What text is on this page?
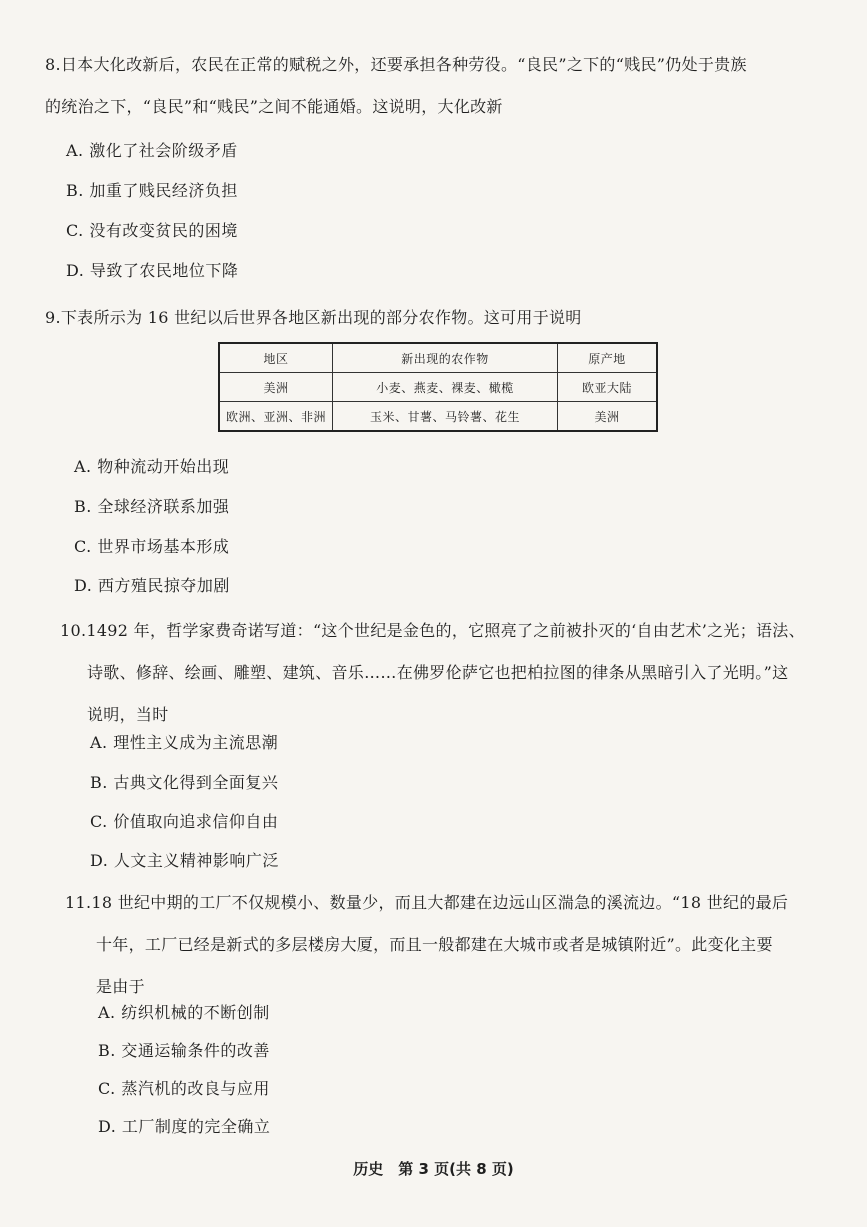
8.日本大化改新后，农民在正常的赋税之外，还要承担各种劳役。“良民”之下的“贱民”仍处于贵族

的统治之下，“良民”和“贱民”之间不能通婚。这说明，大化改新

A. 激化了社会阶级矛盾
B. 加重了贱民经济负担
C. 没有改变贫民的困境
D. 导致了农民地位下降

9.下表所示为 16 世纪以后世界各地区新出现的部分农作物。这可用于说明

地区	新出现的农作物	原产地
美洲	小麦、燕麦、裸麦、橄榄	欧亚大陆
欧洲、亚洲、非洲	玉米、甘薯、马铃薯、花生	美洲
A. 物种流动开始出现
B. 全球经济联系加强
C. 世界市场基本形成
D. 西方殖民掠夺加剧

10.1492 年，哲学家费奇诺写道：“这个世纪是金色的，它照亮了之前被扑灭的‘自由艺术’之光；语法、

诗歌、修辞、绘画、雕塑、建筑、音乐……在佛罗伦萨它也把柏拉图的律条从黑暗引入了光明。”这

说明，当时

A. 理性主义成为主流思潮
B. 古典文化得到全面复兴
C. 价值取向追求信仰自由
D. 人文主义精神影响广泛

11.18 世纪中期的工厂不仅规模小、数量少，而且大都建在边远山区湍急的溪流边。“18 世纪的最后

十年，工厂已经是新式的多层楼房大厦，而且一般都建在大城市或者是城镇附近”。此变化主要

是由于

A. 纺织机械的不断创制
B. 交通运输条件的改善
C. 蒸汽机的改良与应用
D. 工厂制度的完全确立
历史　第 3 页(共 8 页)
